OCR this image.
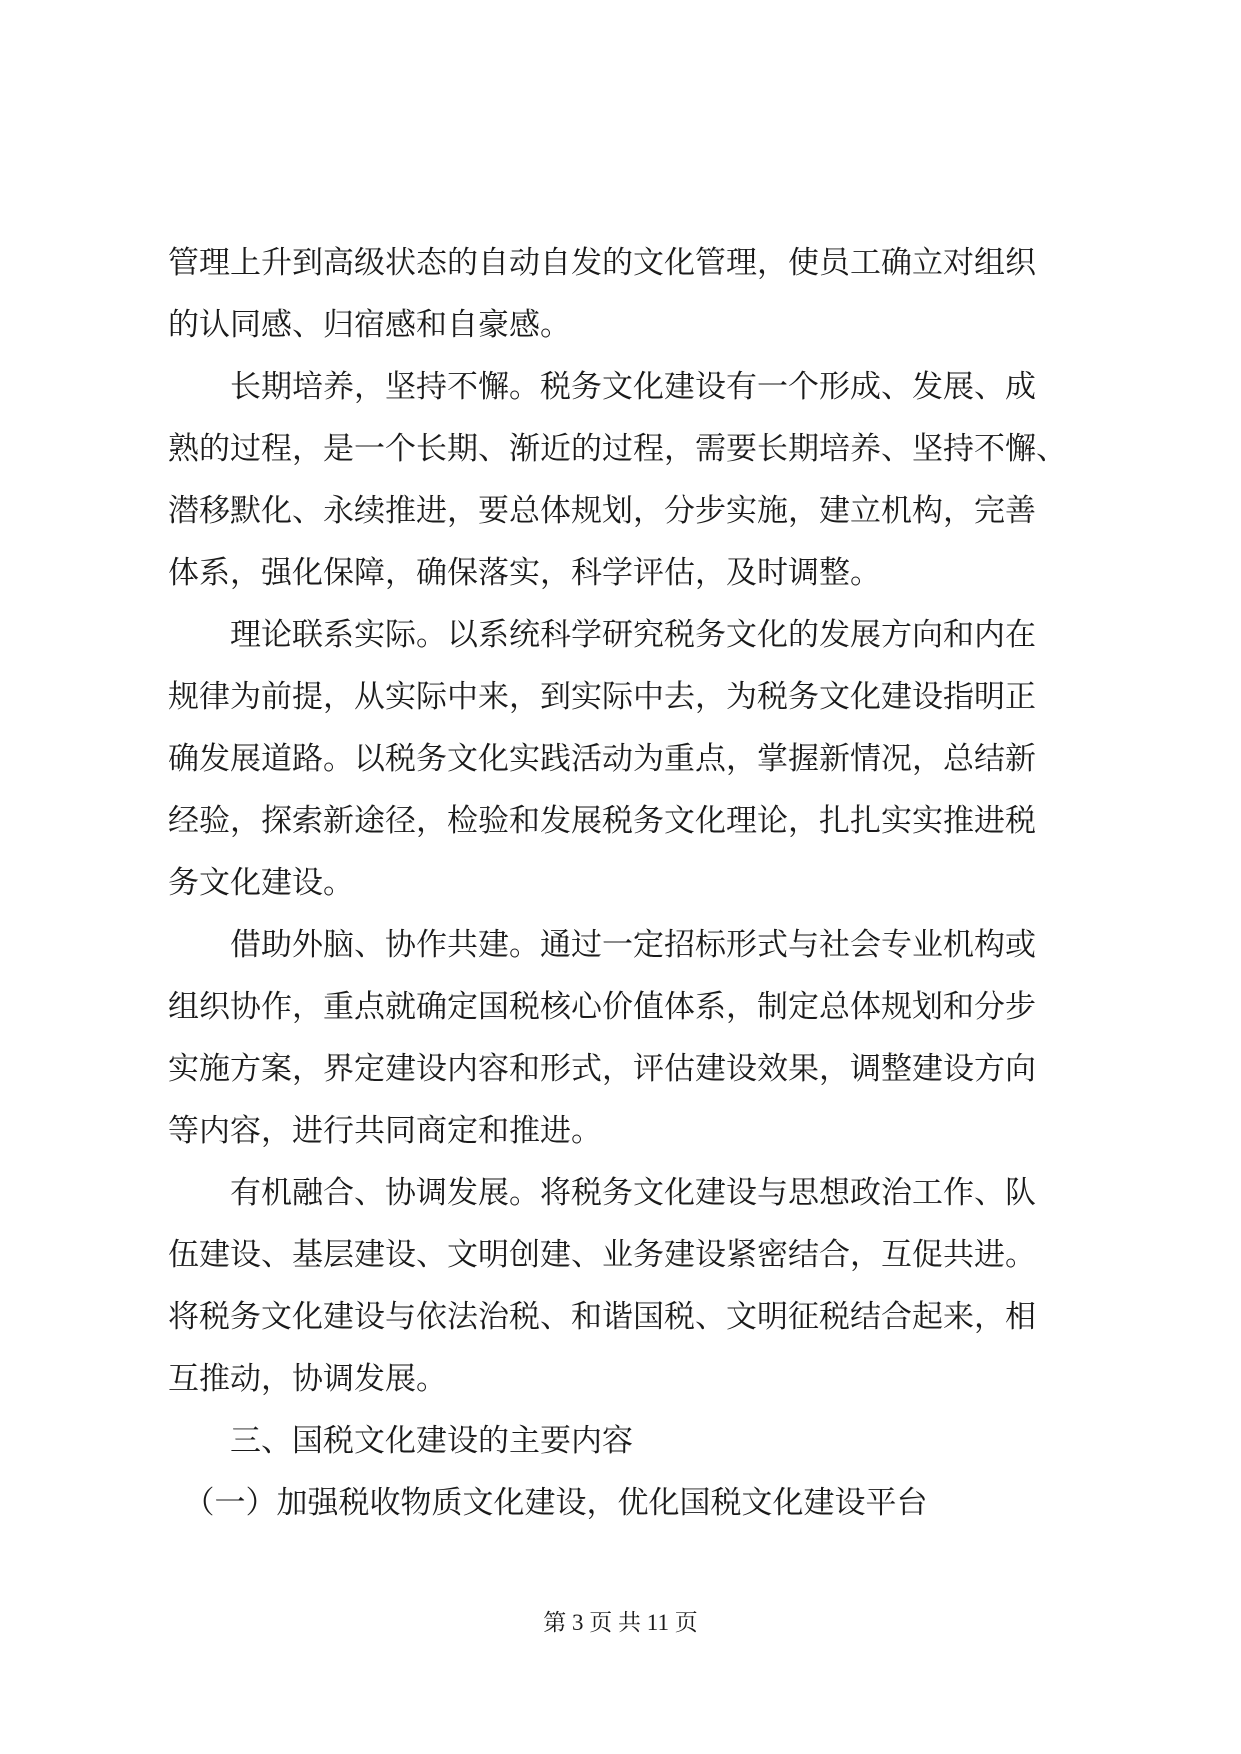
管理上升到高级状态的自动自发的文化管理，使员工确立对组织
的认同感、归宿感和自豪感。
　　长期培养，坚持不懈。税务文化建设有一个形成、发展、成
熟的过程，是一个长期、渐近的过程，需要长期培养、坚持不懈、
潜移默化、永续推进，要总体规划，分步实施，建立机构，完善
体系，强化保障，确保落实，科学评估，及时调整。
　　理论联系实际。以系统科学研究税务文化的发展方向和内在
规律为前提，从实际中来，到实际中去，为税务文化建设指明正
确发展道路。以税务文化实践活动为重点，掌握新情况，总结新
经验，探索新途径，检验和发展税务文化理论，扎扎实实推进税
务文化建设。
　　借助外脑、协作共建。通过一定招标形式与社会专业机构或
组织协作，重点就确定国税核心价值体系，制定总体规划和分步
实施方案，界定建设内容和形式，评估建设效果，调整建设方向
等内容，进行共同商定和推进。
　　有机融合、协调发展。将税务文化建设与思想政治工作、队
伍建设、基层建设、文明创建、业务建设紧密结合，互促共进。
将税务文化建设与依法治税、和谐国税、文明征税结合起来，相
互推动，协调发展。
　　三、国税文化建设的主要内容
　（一）加强税收物质文化建设，优化国税文化建设平台
第 3 页 共 11 页
